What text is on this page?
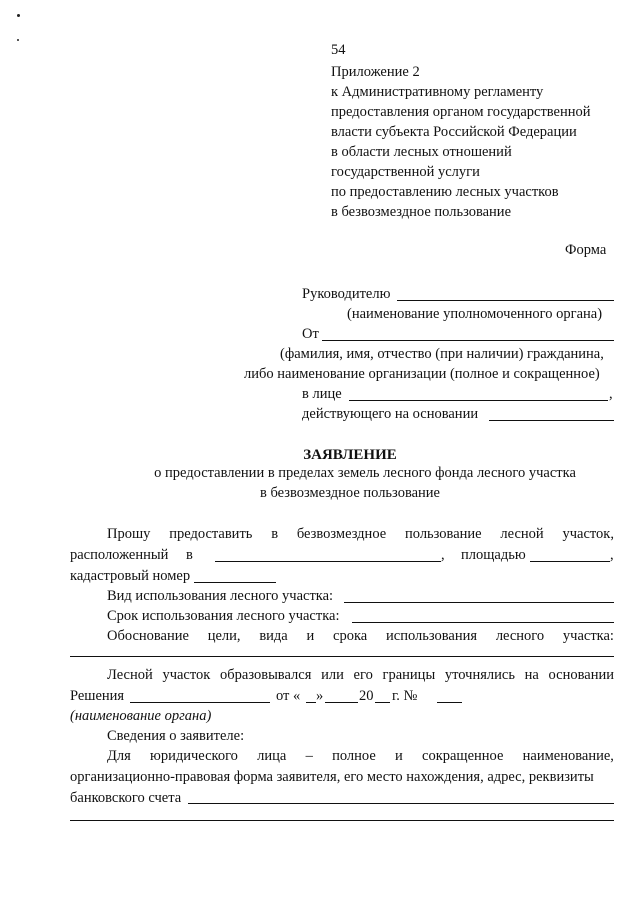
54
Приложение 2
к Административному регламенту
предоставления органом государственной
власти субъекта Российской Федерации
в области лесных отношений
государственной услуги
по предоставлению лесных участков
в безвозмездное пользование
Форма
Руководителю
(наименование уполномоченного органа)
От
(фамилия, имя, отчество (при наличии) гражданина,
либо наименование организации (полное и сокращенное)
в лице	,
действующего на основании
ЗАЯВЛЕНИЕ
о предоставлении в пределах земель лесного фонда лесного участка
в безвозмездное пользование
Прошу предоставить в безвозмездное пользование лесной участок,
расположенный в	, площадью	,
кадастровый номер
Вид использования лесного участка:
Срок использования лесного участка:
Обоснование цели, вида и срока использования лесного участка:
Лесной участок образовывался или его границы уточнялись на основании
Решения	от « » 20 г. №
(наименование органа)
Сведения о заявителе:
Для юридического лица – полное и сокращенное наименование,
организационно-правовая форма заявителя, его место нахождения, адрес, реквизиты
банковского счета
